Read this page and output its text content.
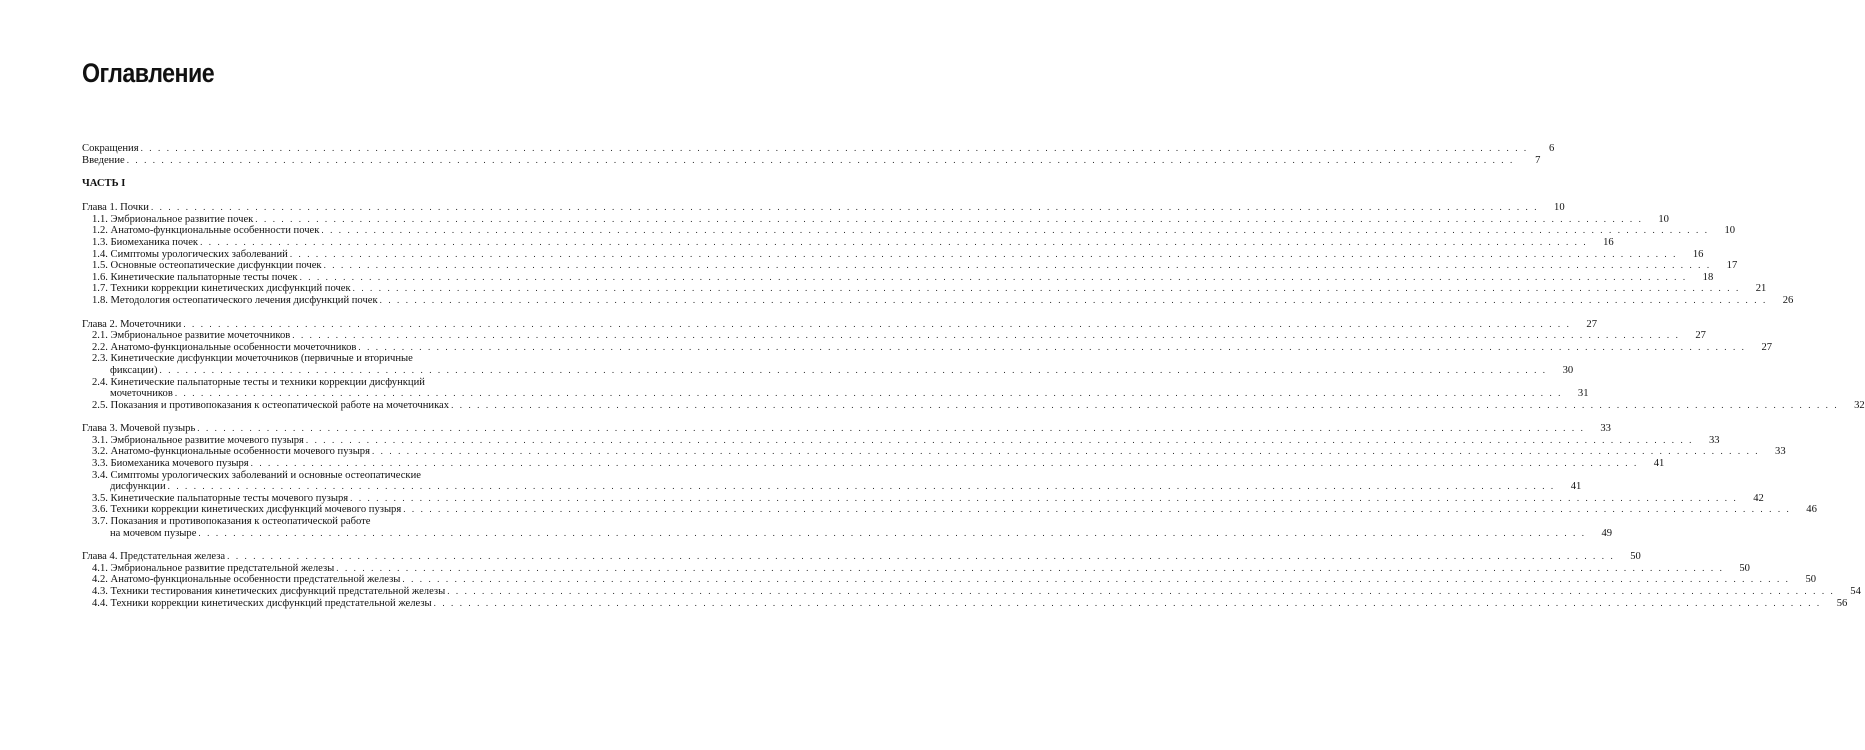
Оглавление
Сокращения . . . . . . . . . . . . . . . . . . . . . . . . . . . . . . . . . . . . . . . . . . . . . . . . . . . . . . . . . . . . . . . . . . . . . . . . . . . . . . . . . . . . . . . . . . . . . . . . . . . . . . . . . . . . . . . . . . . . . . . . . . . . . . . . . . . . . . . . . . . . . . . . . . . . . . . . . . . . . . . .	6
Введение . . . . . . . . . . . . . . . . . . . . . . . . . . . . . . . . . . . . . . . . . . . . . . . . . . . . . . . . . . . . . . . . . . . . . . . . . . . . . . . . . . . . . . . . . . . . . . . . . . . . . . . . . . . . . . . . . . . . . . . . . . . . . . . . . . . . . . . . . . . . . . . . . . . . . . . . . . . . . . . .	7
ЧАСТЬ I
Глава 1. Почки . . . . . . . . . . . . . . . . . . . . . . . . . . . . . . . . . . . . . . . . . . . . . . . . . . . . . . . . . . . . . . . . . . . . . . . . . . . . . . . . . . . . . . . . . . . . . . . . . . . . . . . . . . . . . . . . . . . . . . . . . . . . . . . . . . . . . . . . . . . . . . . . . . . . . . . . . . . . . . . .	10
1.1. Эмбриональное развитие почек . . . . . . . . . . . . . . . . . . . . . . . . . . . . . . . . . . . . . . . . . . . . . . . . . . . . . . . . . . . . . . . . . . . . . . . . . . . . . . . . . . . . . . . . . . . . . . . . . . . . . . . . . . . . . . . . . . . . . . . . . . . . . . . . . . . . . . . . . . . . . . . . . . . . . . . . . . . . . . . .	10
1.2. Анатомо-функциональные особенности почек . . . . . . . . . . . . . . . . . . . . . . . . . . . . . . . . . . . . . . . . . . . . . . . . . . . . . . . . . . . . . . . . . . . . . . . . . . . . . . . . . . . . . . . . . . . . . . . . . . . . . . . . . . . . . . . . . . . . . . . . . . . . . . . . . . . . . . . . . . . . . . . . . . . . . . . . . . . . . . . .	10
1.3. Биомеханика почек . . . . . . . . . . . . . . . . . . . . . . . . . . . . . . . . . . . . . . . . . . . . . . . . . . . . . . . . . . . . . . . . . . . . . . . . . . . . . . . . . . . . . . . . . . . . . . . . . . . . . . . . . . . . . . . . . . . . . . . . . . . . . . . . . . . . . . . . . . . . . . . . . . . . . . . . . . . . . . . .	16
1.4. Симптомы урологических заболеваний . . . . . . . . . . . . . . . . . . . . . . . . . . . . . . . . . . . . . . . . . . . . . . . . . . . . . . . . . . . . . . . . . . . . . . . . . . . . . . . . . . . . . . . . . . . . . . . . . . . . . . . . . . . . . . . . . . . . . . . . . . . . . . . . . . . . . . . . . . . . . . . . . . . . . . . . . . . . . . . .	16
1.5. Основные остеопатические дисфункции почек . . . . . . . . . . . . . . . . . . . . . . . . . . . . . . . . . . . . . . . . . . . . . . . . . . . . . . . . . . . . . . . . . . . . . . . . . . . . . . . . . . . . . . . . . . . . . . . . . . . . . . . . . . . . . . . . . . . . . . . . . . . . . . . . . . . . . . . . . . . . . . . . . . . . . . . . . . . . . . . .	17
1.6. Кинетические пальпаторные тесты почек . . . . . . . . . . . . . . . . . . . . . . . . . . . . . . . . . . . . . . . . . . . . . . . . . . . . . . . . . . . . . . . . . . . . . . . . . . . . . . . . . . . . . . . . . . . . . . . . . . . . . . . . . . . . . . . . . . . . . . . . . . . . . . . . . . . . . . . . . . . . . . . . . . . . . . . . . . . . . . . .	18
1.7. Техники коррекции кинетических дисфункций почек . . . . . . . . . . . . . . . . . . . . . . . . . . . . . . . . . . . . . . . . . . . . . . . . . . . . . . . . . . . . . . . . . . . . . . . . . . . . . . . . . . . . . . . . . . . . . . . . . . . . . . . . . . . . . . . . . . . . . . . . . . . . . . . . . . . . . . . . . . . . . . . . . . . . . . . . . . . . . . . .	21
1.8. Методология остеопатического лечения дисфункций почек . . . . . . . . . . . . . . . . . . . . . . . . . . . . . . . . . . . . . . . . . . . . . . . . . . . . . . . . . . . . . . . . . . . . . . . . . . . . . . . . . . . . . . . . . . . . . . . . . . . . . . . . . . . . . . . . . . . . . . . . . . . . . . . . . . . . . . . . . . . . . . . . . . . . . . . . . . . . . . . .	26
Глава 2. Мочеточники . . . . . . . . . . . . . . . . . . . . . . . . . . . . . . . . . . . . . . . . . . . . . . . . . . . . . . . . . . . . . . . . . . . . . . . . . . . . . . . . . . . . . . . . . . . . . . . . . . . . . . . . . . . . . . . . . . . . . . . . . . . . . . . . . . . . . . . . . . . . . . . . . . . . . . . . . . . . . . . .	27
2.1. Эмбриональное развитие мочеточников . . . . . . . . . . . . . . . . . . . . . . . . . . . . . . . . . . . . . . . . . . . . . . . . . . . . . . . . . . . . . . . . . . . . . . . . . . . . . . . . . . . . . . . . . . . . . . . . . . . . . . . . . . . . . . . . . . . . . . . . . . . . . . . . . . . . . . . . . . . . . . . . . . . . . . . . . . . . . . . .	27
2.2. Анатомо-функциональные особенности мочеточников . . . . . . . . . . . . . . . . . . . . . . . . . . . . . . . . . . . . . . . . . . . . . . . . . . . . . . . . . . . . . . . . . . . . . . . . . . . . . . . . . . . . . . . . . . . . . . . . . . . . . . . . . . . . . . . . . . . . . . . . . . . . . . . . . . . . . . . . . . . . . . . . . . . . . . . . . . . . . . . .	27
2.3. Кинетические дисфункции мочеточников (первичные и вторичные
фиксации) . . . . . . . . . . . . . . . . . . . . . . . . . . . . . . . . . . . . . . . . . . . . . . . . . . . . . . . . . . . . . . . . . . . . . . . . . . . . . . . . . . . . . . . . . . . . . . . . . . . . . . . . . . . . . . . . . . . . . . . . . . . . . . . . . . . . . . . . . . . . . . . . . . . . . . . . . . . . . . . .	30
2.4. Кинетические пальпаторные тесты и техники коррекции дисфункций
мочеточников . . . . . . . . . . . . . . . . . . . . . . . . . . . . . . . . . . . . . . . . . . . . . . . . . . . . . . . . . . . . . . . . . . . . . . . . . . . . . . . . . . . . . . . . . . . . . . . . . . . . . . . . . . . . . . . . . . . . . . . . . . . . . . . . . . . . . . . . . . . . . . . . . . . . . . . . . . . . . . . .	31
2.5. Показания и противопоказания к остеопатической работе на мочеточниках . . . . . . . . . . . . . . . . . . . . . . . . . . . . . . . . . . . . . . . . . . . . . . . . . . . . . . . . . . . . . . . . . . . . . . . . . . . . . . . . . . . . . . . . . . . . . . . . . . . . . . . . . . . . . . . . . . . . . . . . . . . . . . . . . . . . . . . . . . . . . . . . . . . . . . . . . . . . . . . .	32
Глава 3. Мочевой пузырь . . . . . . . . . . . . . . . . . . . . . . . . . . . . . . . . . . . . . . . . . . . . . . . . . . . . . . . . . . . . . . . . . . . . . . . . . . . . . . . . . . . . . . . . . . . . . . . . . . . . . . . . . . . . . . . . . . . . . . . . . . . . . . . . . . . . . . . . . . . . . . . . . . . . . . . . . . . . . . . .	33
3.1. Эмбриональное развитие мочевого пузыря . . . . . . . . . . . . . . . . . . . . . . . . . . . . . . . . . . . . . . . . . . . . . . . . . . . . . . . . . . . . . . . . . . . . . . . . . . . . . . . . . . . . . . . . . . . . . . . . . . . . . . . . . . . . . . . . . . . . . . . . . . . . . . . . . . . . . . . . . . . . . . . . . . . . . . . . . . . . . . . .	33
3.2. Анатомо-функциональные особенности мочевого пузыря . . . . . . . . . . . . . . . . . . . . . . . . . . . . . . . . . . . . . . . . . . . . . . . . . . . . . . . . . . . . . . . . . . . . . . . . . . . . . . . . . . . . . . . . . . . . . . . . . . . . . . . . . . . . . . . . . . . . . . . . . . . . . . . . . . . . . . . . . . . . . . . . . . . . . . . . . . . . . . . .	33
3.3. Биомеханика мочевого пузыря . . . . . . . . . . . . . . . . . . . . . . . . . . . . . . . . . . . . . . . . . . . . . . . . . . . . . . . . . . . . . . . . . . . . . . . . . . . . . . . . . . . . . . . . . . . . . . . . . . . . . . . . . . . . . . . . . . . . . . . . . . . . . . . . . . . . . . . . . . . . . . . . . . . . . . . . . . . . . . . .	41
3.4. Симптомы урологических заболеваний и основные остеопатические
дисфункции . . . . . . . . . . . . . . . . . . . . . . . . . . . . . . . . . . . . . . . . . . . . . . . . . . . . . . . . . . . . . . . . . . . . . . . . . . . . . . . . . . . . . . . . . . . . . . . . . . . . . . . . . . . . . . . . . . . . . . . . . . . . . . . . . . . . . . . . . . . . . . . . . . . . . . . . . . . . . . . .	41
3.5. Кинетические пальпаторные тесты мочевого пузыря . . . . . . . . . . . . . . . . . . . . . . . . . . . . . . . . . . . . . . . . . . . . . . . . . . . . . . . . . . . . . . . . . . . . . . . . . . . . . . . . . . . . . . . . . . . . . . . . . . . . . . . . . . . . . . . . . . . . . . . . . . . . . . . . . . . . . . . . . . . . . . . . . . . . . . . . . . . . . . . .	42
3.6. Техники коррекции кинетических дисфункций мочевого пузыря . . . . . . . . . . . . . . . . . . . . . . . . . . . . . . . . . . . . . . . . . . . . . . . . . . . . . . . . . . . . . . . . . . . . . . . . . . . . . . . . . . . . . . . . . . . . . . . . . . . . . . . . . . . . . . . . . . . . . . . . . . . . . . . . . . . . . . . . . . . . . . . . . . . . . . . . . . . . . . . .	46
3.7. Показания и противопоказания к остеопатической работе
на мочевом пузыре . . . . . . . . . . . . . . . . . . . . . . . . . . . . . . . . . . . . . . . . . . . . . . . . . . . . . . . . . . . . . . . . . . . . . . . . . . . . . . . . . . . . . . . . . . . . . . . . . . . . . . . . . . . . . . . . . . . . . . . . . . . . . . . . . . . . . . . . . . . . . . . . . . . . . . . . . . . . . . . .	49
Глава 4. Предстательная железа . . . . . . . . . . . . . . . . . . . . . . . . . . . . . . . . . . . . . . . . . . . . . . . . . . . . . . . . . . . . . . . . . . . . . . . . . . . . . . . . . . . . . . . . . . . . . . . . . . . . . . . . . . . . . . . . . . . . . . . . . . . . . . . . . . . . . . . . . . . . . . . . . . . . . . . . . . . . . . . .	50
4.1. Эмбриональное развитие предстательной железы . . . . . . . . . . . . . . . . . . . . . . . . . . . . . . . . . . . . . . . . . . . . . . . . . . . . . . . . . . . . . . . . . . . . . . . . . . . . . . . . . . . . . . . . . . . . . . . . . . . . . . . . . . . . . . . . . . . . . . . . . . . . . . . . . . . . . . . . . . . . . . . . . . . . . . . . . . . . . . . .	50
4.2. Анатомо-функциональные особенности предстательной железы . . . . . . . . . . . . . . . . . . . . . . . . . . . . . . . . . . . . . . . . . . . . . . . . . . . . . . . . . . . . . . . . . . . . . . . . . . . . . . . . . . . . . . . . . . . . . . . . . . . . . . . . . . . . . . . . . . . . . . . . . . . . . . . . . . . . . . . . . . . . . . . . . . . . . . . . . . . . . . . .	50
4.3. Техники тестирования кинетических дисфункций предстательной железы . . . . . . . . . . . . . . . . . . . . . . . . . . . . . . . . . . . . . . . . . . . . . . . . . . . . . . . . . . . . . . . . . . . . . . . . . . . . . . . . . . . . . . . . . . . . . . . . . . . . . . . . . . . . . . . . . . . . . . . . . . . . . . . . . . . . . . . . . . . . . . . . . . . . . . . . . . . . . . . .	54
4.4. Техники коррекции кинетических дисфункций предстательной железы . . . . . . . . . . . . . . . . . . . . . . . . . . . . . . . . . . . . . . . . . . . . . . . . . . . . . . . . . . . . . . . . . . . . . . . . . . . . . . . . . . . . . . . . . . . . . . . . . . . . . . . . . . . . . . . . . . . . . . . . . . . . . . . . . . . . . . . . . . . . . . . . . . . . . . . . . . . . . . . .	56
